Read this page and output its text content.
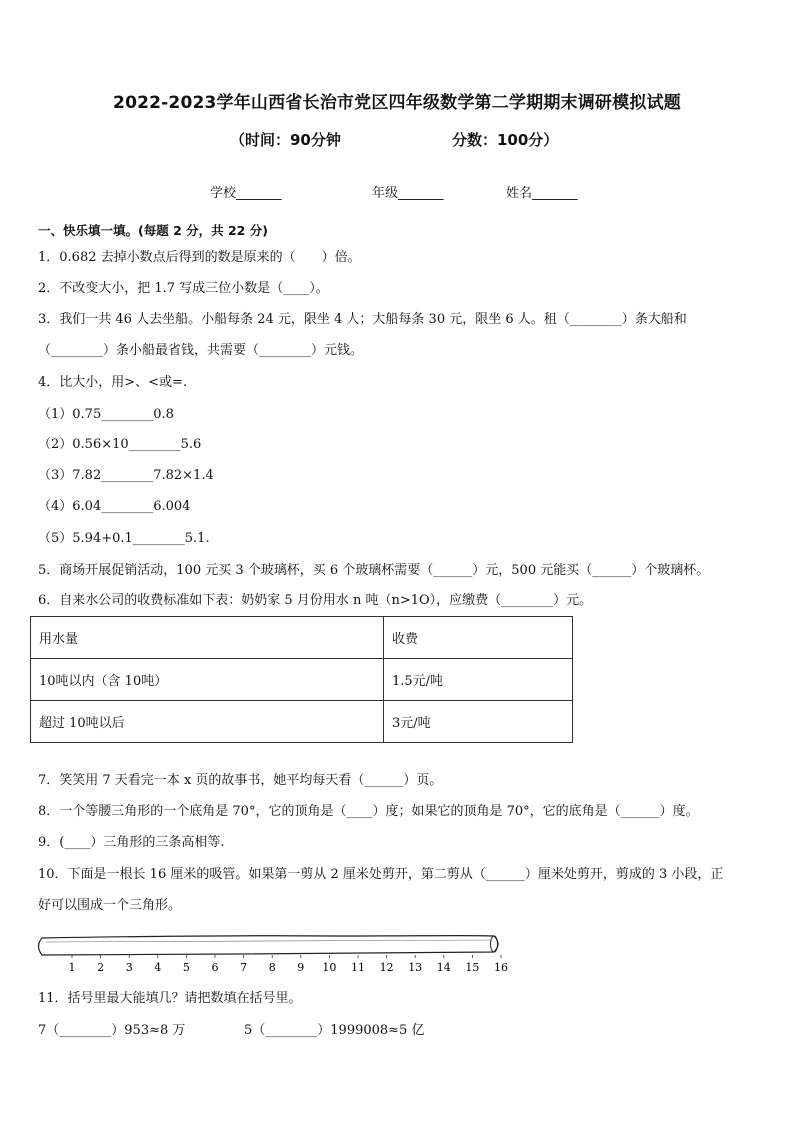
2022-2023学年山西省长治市党区四年级数学第二学期期末调研模拟试题
（时间：90分钟	分数：100分）
学校_______	年级_______	姓名_______
一、快乐填一填。(每题 2 分，共 22 分)
1．0.682 去掉小数点后得到的数是原来的（　　）倍。
2．不改变大小，把 1.7 写成三位小数是（____）。
3．我们一共 46 人去坐船。小船每条 24 元，限坐 4 人；大船每条 30 元，限坐 6 人。租（________）条大船和
（________）条小船最省钱，共需要（________）元钱。
4．比大小，用>、<或=.
（1）0.75________0.8
（2）0.56×10________5.6
（3）7.82________7.82×1.4
（4）6.04________6.004
（5）5.94+0.1________5.1.
5．商场开展促销活动，100 元买 3 个玻璃杯，买 6 个玻璃杯需要（______）元，500 元能买（______）个玻璃杯。
6．自来水公司的收费标准如下表：奶奶家 5 月份用水 n 吨（n>1O），应缴费（________）元。
用水量	收费
10吨以内（含 10吨）	1.5元/吨
超过 10吨以后	3元/吨
7．笑笑用 7 天看完一本 x 页的故事书，她平均每天看（______）页。
8．一个等腰三角形的一个底角是 70°，它的顶角是（____）度；如果它的顶角是 70°，它的底角是（______）度。
9．(____）三角形的三条高相等.
10．下面是一根长 16 厘米的吸管。如果第一剪从 2 厘米处剪开，第二剪从（______）厘米处剪开，剪成的 3 小段，正
好可以围成一个三角形。
1 2 3 4 5 6 7 8 9 10 11 12 13 14 15 16
11．括号里最大能填几？请把数填在括号里。
7（________）953≈8 万	5（________）1999008≈5 亿
